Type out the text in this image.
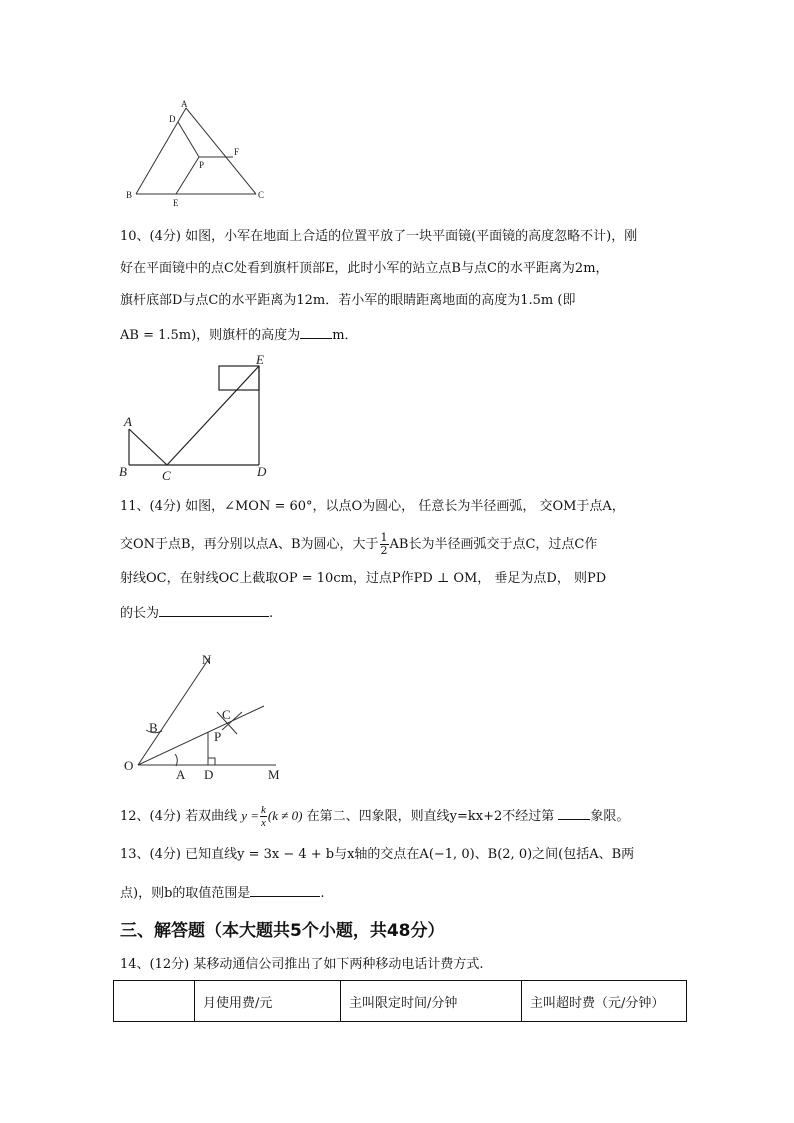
A
D
F
P
B	C
E
10、(4分) 如图，小军在地面上合适的位置平放了一块平面镜(平面镜的高度忽略不计)，刚
好在平面镜中的点C处看到旗杆顶部E，此时小军的站立点B与点C的水平距离为2m，
旗杆底部D与点C的水平距离为12m．若小军的眼睛距离地面的高度为1.5m (即
AB = 1.5m)，则旗杆的高度为 m．
E
A
B	C	D
11、(4分) 如图，∠MON = 60°，以点O为圆心， 任意长为半径画弧， 交OM于点A，
交ON于点B，再分别以点A、B为圆心，大于 $\frac{1}{2}$ AB长为半径画弧交于点C，过点C作
射线OC，在射线OC上截取OP = 10cm，过点P作PD ⊥ OM， 垂足为点D， 则PD
的长为	.
N
B
C
P
O
A D	M
12、(4分) 若双曲线 $y = \frac{k}{x} (k \ne 0)$ 在第二、四象限，则直线y=kx+2不经过第	象限。
13、(4分) 已知直线y = 3x − 4 + b与x轴的交点在A(−1, 0)、B(2, 0)之间(包括A、B两
点)，则b的取值范围是	.
三、解答题（本大题共5个小题，共48分）
14、(12分) 某移动通信公司推出了如下两种移动电话计费方式.
	月使用费/元	主叫限定时间/分钟	主叫超时费（元/分钟）
